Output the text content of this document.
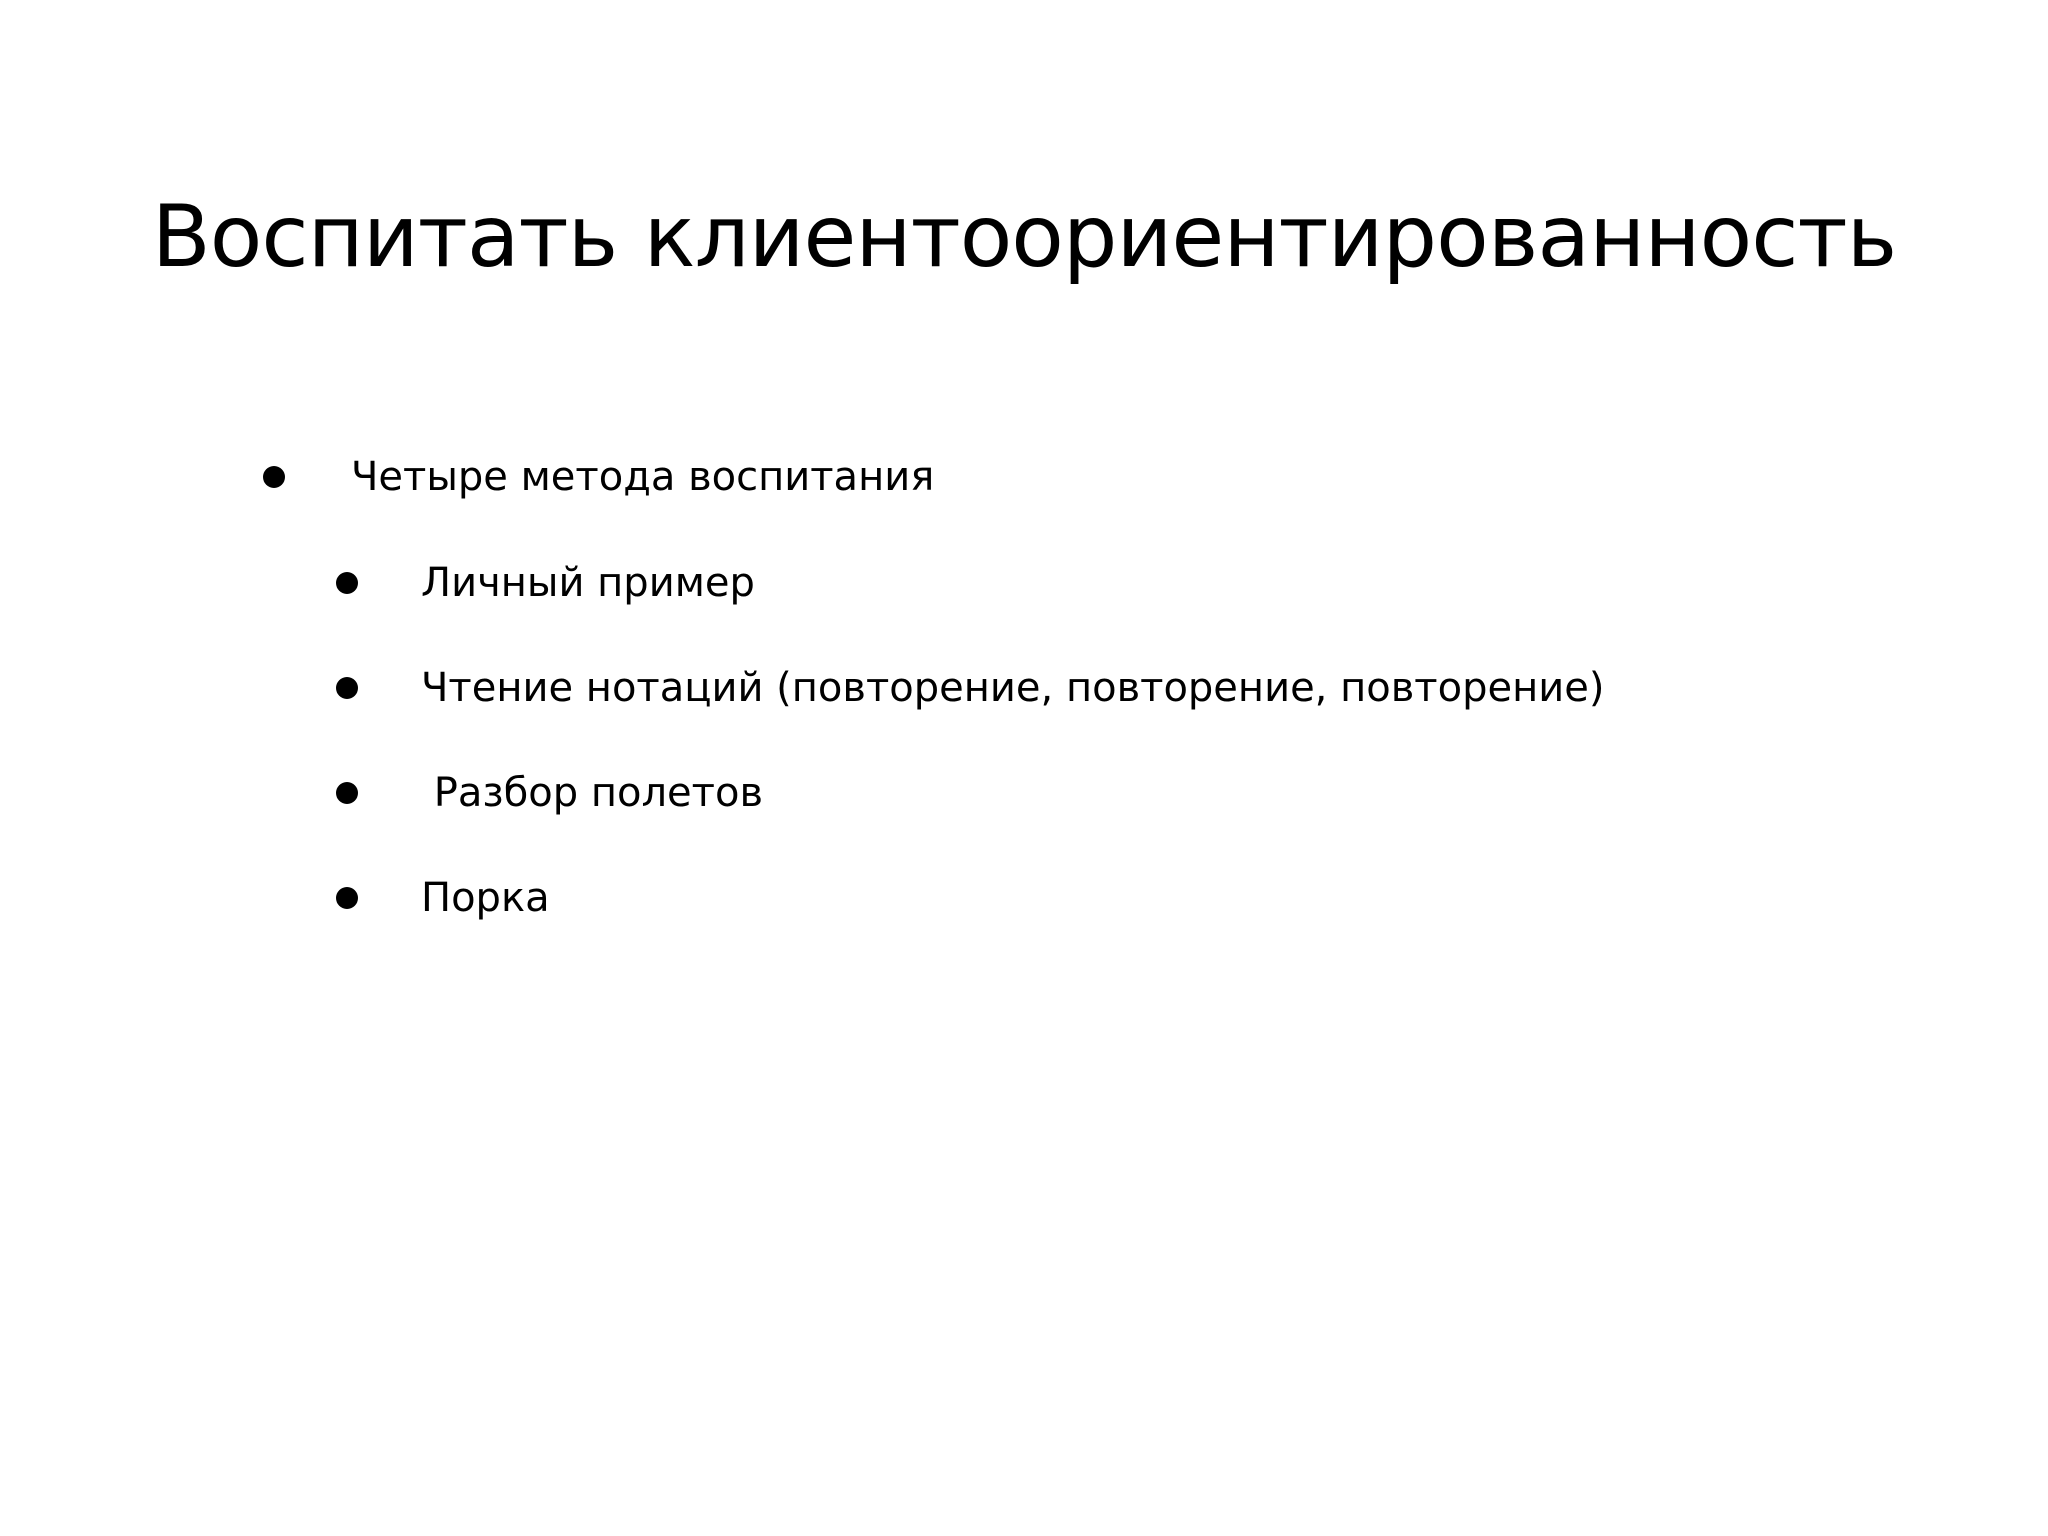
Воспитать клиентоориентированность
Четыре метода воспитания
Личный пример
Чтение нотаций (повторение, повторение, повторение)
Разбор полетов
Порка
